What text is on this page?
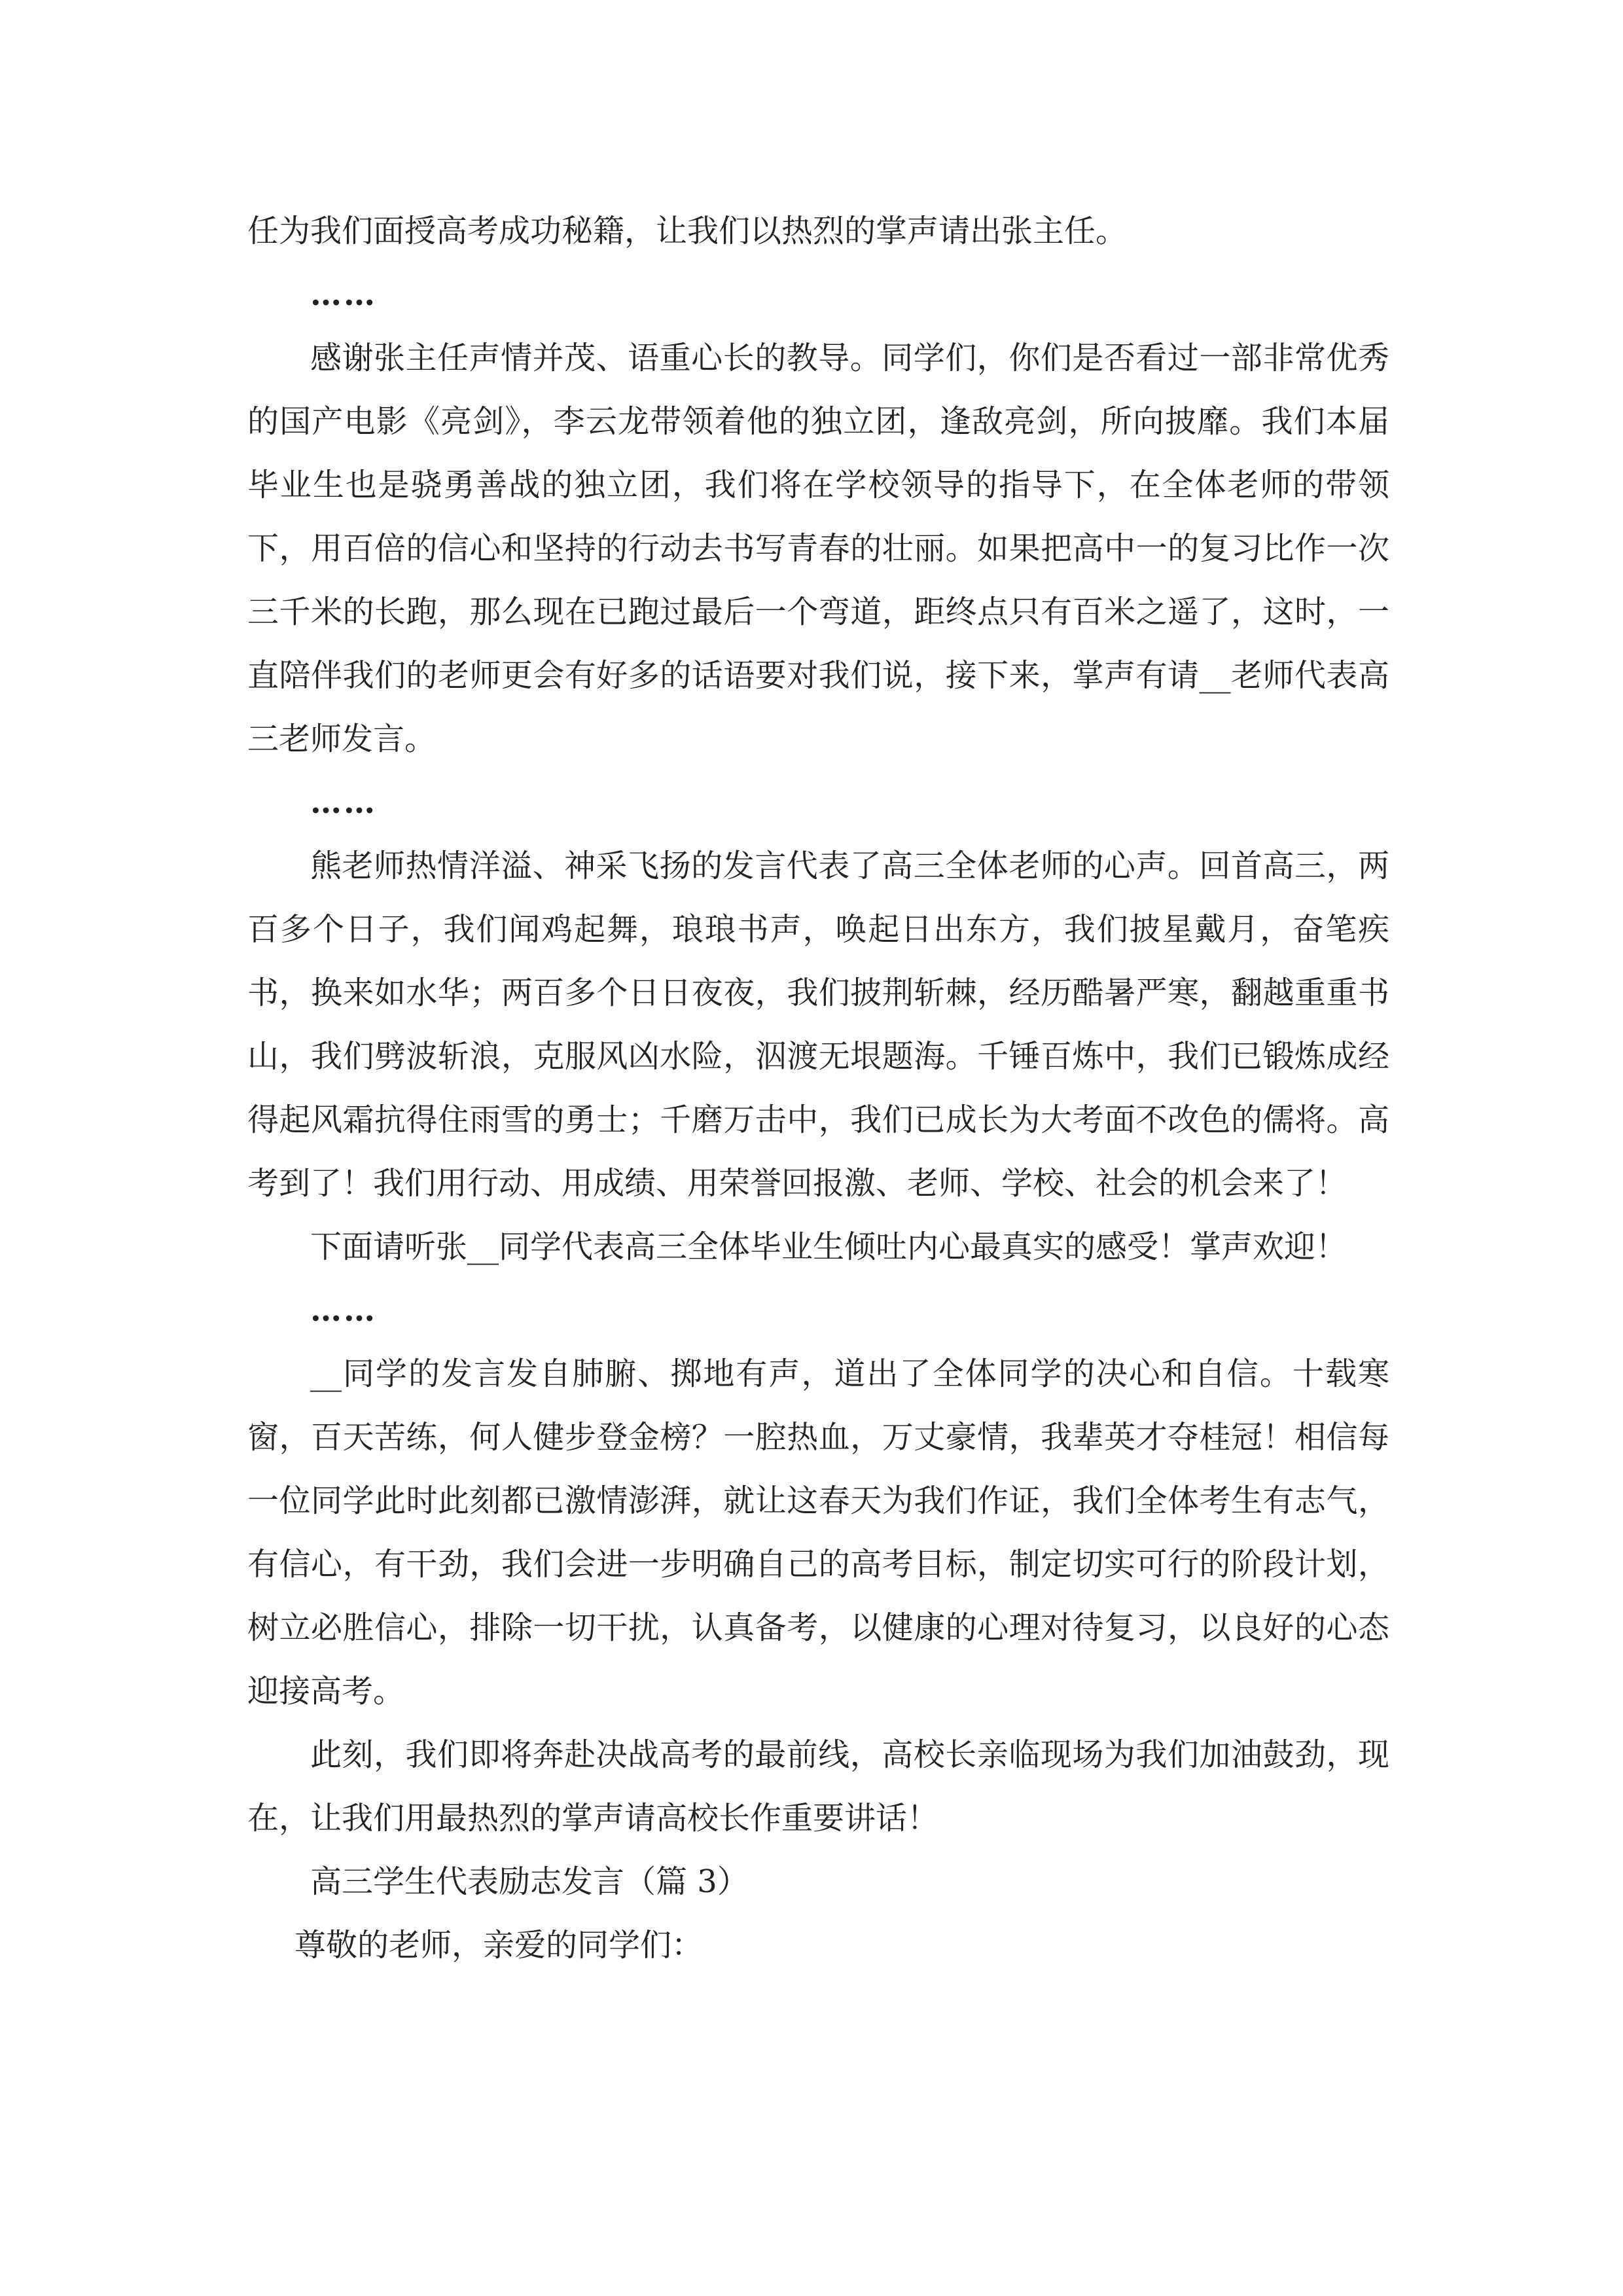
任为我们面授高考成功秘籍，让我们以热烈的掌声请出张主任。

……

感谢张主任声情并茂、语重心长的教导。同学们，你们是否看过一部非常优秀的国产电影《亮剑》，李云龙带领着他的独立团，逢敌亮剑，所向披靡。我们本届毕业生也是骁勇善战的独立团，我们将在学校领导的指导下，在全体老师的带领下，用百倍的信心和坚持的行动去书写青春的壮丽。如果把高中一的复习比作一次三千米的长跑，那么现在已跑过最后一个弯道，距终点只有百米之遥了，这时，一直陪伴我们的老师更会有好多的话语要对我们说，接下来，掌声有请__老师代表高三老师发言。

……

熊老师热情洋溢、神采飞扬的发言代表了高三全体老师的心声。回首高三，两百多个日子，我们闻鸡起舞，琅琅书声，唤起日出东方，我们披星戴月，奋笔疾书，换来如水华；两百多个日日夜夜，我们披荆斩棘，经历酷暑严寒，翻越重重书山，我们劈波斩浪，克服风凶水险，泅渡无垠题海。千锤百炼中，我们已锻炼成经得起风霜抗得住雨雪的勇士；千磨万击中，我们已成长为大考面不改色的儒将。高考到了！我们用行动、用成绩、用荣誉回报激、老师、学校、社会的机会来了！

下面请听张__同学代表高三全体毕业生倾吐内心最真实的感受！掌声欢迎！

……

__同学的发言发自肺腑、掷地有声，道出了全体同学的决心和自信。十载寒窗，百天苦练，何人健步登金榜？一腔热血，万丈豪情，我辈英才夺桂冠！相信每一位同学此时此刻都已激情澎湃，就让这春天为我们作证，我们全体考生有志气，有信心，有干劲，我们会进一步明确自己的高考目标，制定切实可行的阶段计划，树立必胜信心，排除一切干扰，认真备考，以健康的心理对待复习，以良好的心态迎接高考。

此刻，我们即将奔赴决战高考的最前线，高校长亲临现场为我们加油鼓劲，现在，让我们用最热烈的掌声请高校长作重要讲话！

高三学生代表励志发言（篇 3）

尊敬的老师，亲爱的同学们：
